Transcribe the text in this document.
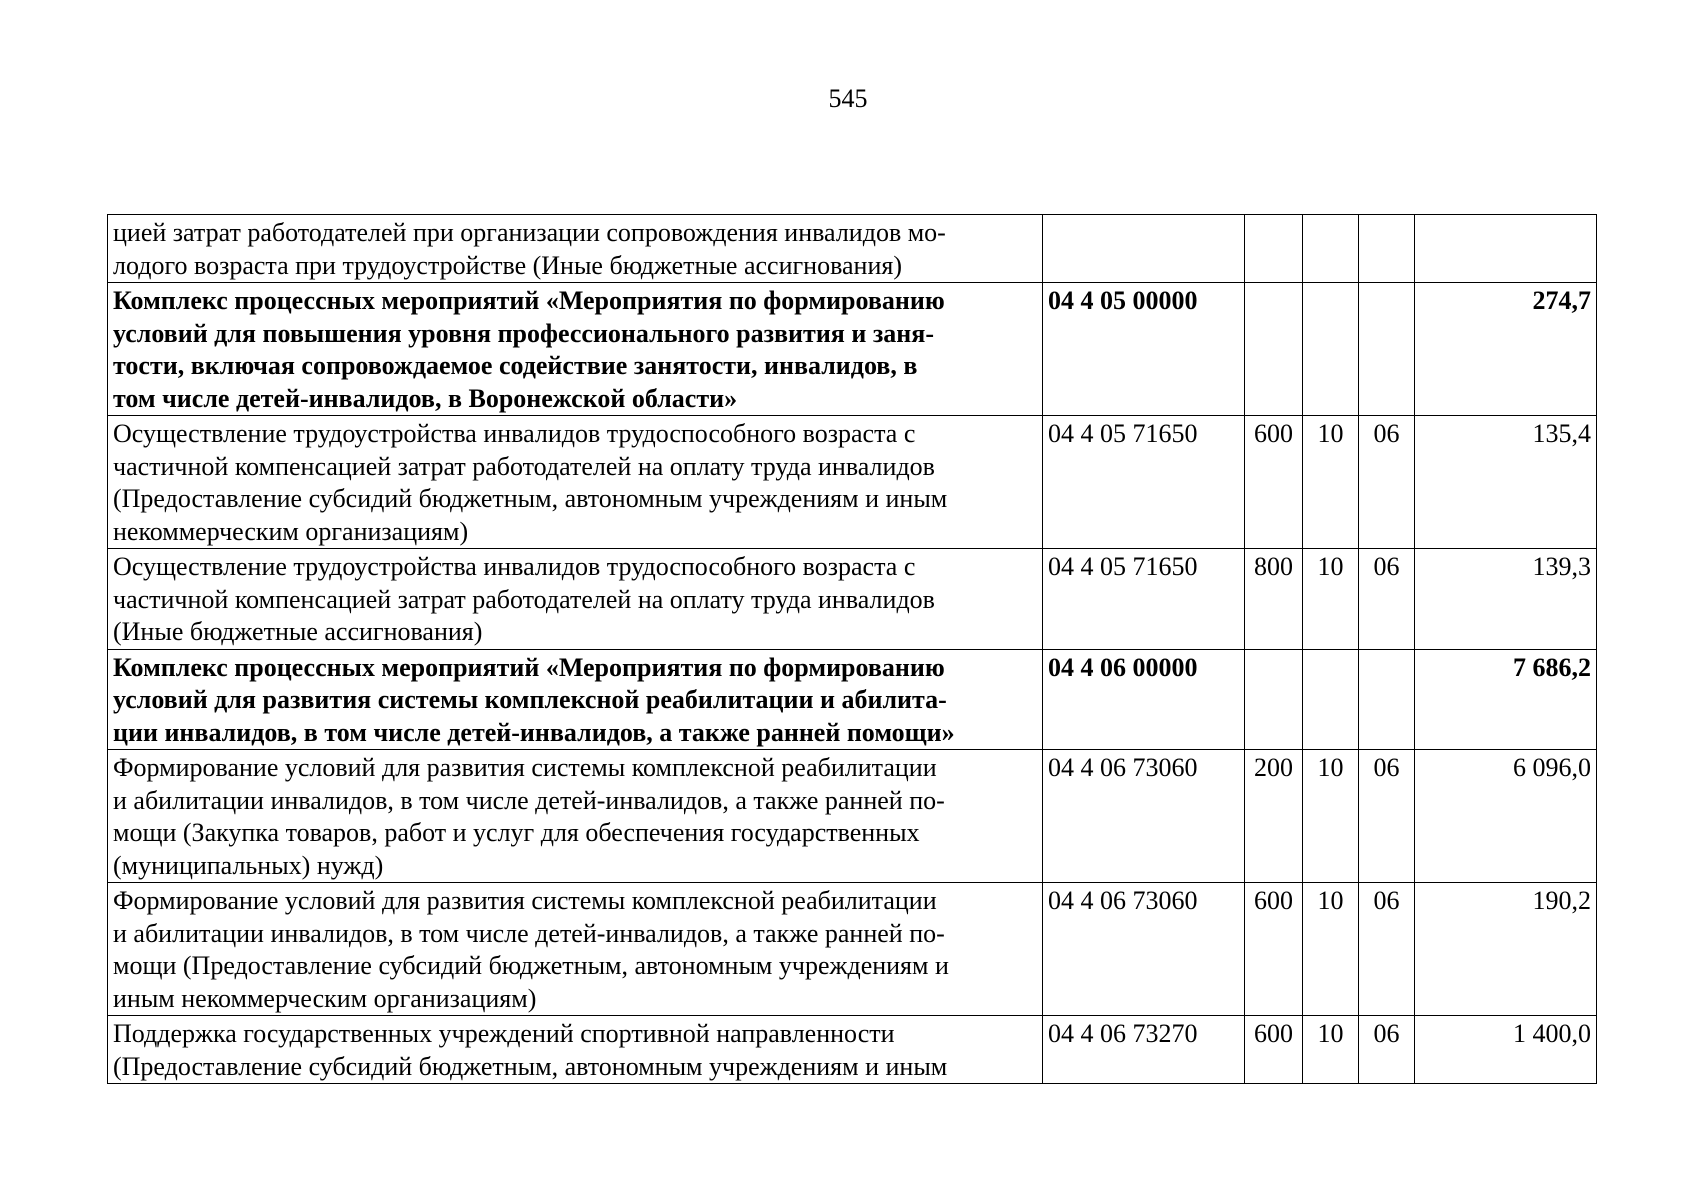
545
цией затрат работодателей при организации сопровождения инвалидов мо-
лодого возраста при трудоустройстве (Иные бюджетные ассигнования)					

Комплекс процессных мероприятий «Мероприятия по формированию
условий для повышения уровня профессионального развития и заня-
тости, включая сопровождаемое содействие занятости, инвалидов, в
том числе детей-инвалидов, в Воронежской области»	04 4 05 00000				274,7

Осуществление трудоустройства инвалидов трудоспособного возраста с
частичной компенсацией затрат работодателей на оплату труда инвалидов
(Предоставление субсидий бюджетным, автономным учреждениям и иным
некоммерческим организациям)	04 4 05 71650	600	10	06	135,4

Осуществление трудоустройства инвалидов трудоспособного возраста с
частичной компенсацией затрат работодателей на оплату труда инвалидов
(Иные бюджетные ассигнования)	04 4 05 71650	800	10	06	139,3

Комплекс процессных мероприятий «Мероприятия по формированию
условий для развития системы комплексной реабилитации и абилита-
ции инвалидов, в том числе детей-инвалидов, а также ранней помощи»	04 4 06 00000				7 686,2

Формирование условий для развития системы комплексной реабилитации
и абилитации инвалидов, в том числе детей-инвалидов, а также ранней по-
мощи (Закупка товаров, работ и услуг для обеспечения государственных
(муниципальных) нужд)	04 4 06 73060	200	10	06	6 096,0

Формирование условий для развития системы комплексной реабилитации
и абилитации инвалидов, в том числе детей-инвалидов, а также ранней по-
мощи (Предоставление субсидий бюджетным, автономным учреждениям и
иным некоммерческим организациям)	04 4 06 73060	600	10	06	190,2

Поддержка государственных учреждений спортивной направленности
(Предоставление субсидий бюджетным, автономным учреждениям и иным	04 4 06 73270	600	10	06	1 400,0
